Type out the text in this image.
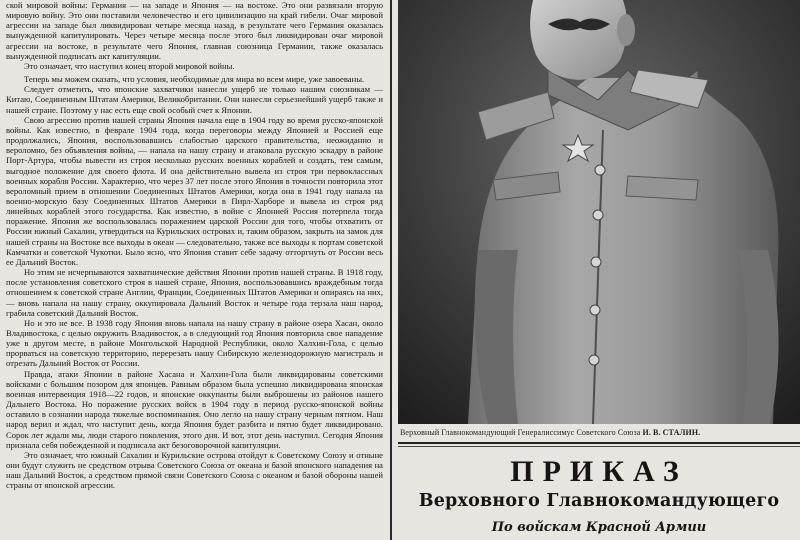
ской мировой войны: Германия — на западе и Япония — на востоке. Это они развязали вторую мировую войну. Это они поставили человечество и его цивилизацию на край гибели. Очаг мировой агрессии на западе был ликвидирован четыре месяца назад, в результате чего Германия оказалась вынужденной капитулировать. Через четыре месяца после этого был ликвидирован очаг мировой агрессии на востоке, в результате чего Япония, главная союзница Германии, также оказалась вынужденной подписать акт капитуляции.

Это означает, что наступил конец второй мировой войны.

Теперь мы можем сказать, что условия, необходимые для мира во всем мире, уже завоеваны.

Следует отметить, что японские захватчики нанесли ущерб не только нашим союзникам — Китаю, Соединенным Штатам Америки, Великобритании. Они нанесли серьезнейший ущерб также и нашей стране. Поэтому у нас есть еще свой особый счет к Японии.

Свою агрессию против нашей страны Япония начала еще в 1904 году во время русско-японской войны. Как известно, в феврале 1904 года, когда переговоры между Японией и Россией еще продолжались, Япония, воспользовавшись слабостью царского правительства, неожиданно и вероломно, без объявления войны, — напала на нашу страну и атаковала русскую эскадру в районе Порт-Артура, чтобы вывести из строя несколько русских военных кораблей и создать, тем самым, выгодное положение для своего флота. И она действительно вывела из строя три первоклассных военных корабля России. Характерно, что через 37 лет после этого Япония в точности повторила этот вероломный прием в отношении Соединенных Штатов Америки, когда она в 1941 году напала на военно-морскую базу Соединенных Штатов Америки в Пирл-Харборе и вывела из строя ряд линейных кораблей этого государства. Как известно, в войне с Японией Россия потерпела тогда поражение. Япония же воспользовалась поражением царской России для того, чтобы отхватить от России южный Сахалин, утвердиться на Курильских островах и, таким образом, закрыть на замок для нашей страны на Востоке все выходы в океан — следовательно, также все выходы к портам советской Камчатки и советской Чукотки. Было ясно, что Япония ставит себе задачу отторгнуть от России весь ее Дальний Восток.

Но этим не исчерпываются захватнические действия Японии против нашей страны. В 1918 году, после установления советского строя в нашей стране, Япония, воспользовавшись враждебным тогда отношением к советской стране Англии, Франции, Соединенных Штатов Америки и опираясь на них, — вновь напала на нашу страну, оккупировала Дальний Восток и четыре года терзала наш народ, грабила советский Дальний Восток.

Но и это не все. В 1938 году Япония вновь напала на нашу страну в районе озера Хасан, около Владивостока, с целью окружить Владивосток, а в следующий год Япония повторила свое нападение уже в другом месте, в районе Монгольской Народной Республики, около Халхин-Гола, с целью прорваться на советскую территорию, перерезать нашу Сибирскую железнодорожную магистраль и отрезать Дальний Восток от России.

Правда, атаки Японии в районе Хасана и Халхин-Гола были ликвидированы советскими войсками с большим позором для японцев. Равным образом была успешно ликвидирована японская военная интервенция 1918—22 годов, и японские оккупанты были выброшены из районов нашего Дальнего Востока. Но поражение русских войск в 1904 году в период русско-японской войны оставило в сознании народа тяжелые воспоминания. Оно легло на нашу страну черным пятном. Наш народ верил и ждал, что наступит день, когда Япония будет разбита и пятно будет ликвидировано. Сорок лет ждали мы, люди старого поколения, этого дня. И вот, этот день наступил. Сегодня Япония признала себя побежденной и подписала акт безоговорочной капитуляции.

Это означает, что южный Сахалин и Курильские острова отойдут к Советскому Союзу и отныне они будут служить не средством отрыва Советского Союза от океана и базой японского нападения на наш Дальний Восток, а средством прямой связи Советского Союза с океаном и базой обороны нашей страны от японской агрессии.

Верховный Главнокомандующий Генералиссимус Советского Союза И. В. СТАЛИН.
ПРИКАЗ
Верховного Главнокомандующего
По войскам Красной Армии
